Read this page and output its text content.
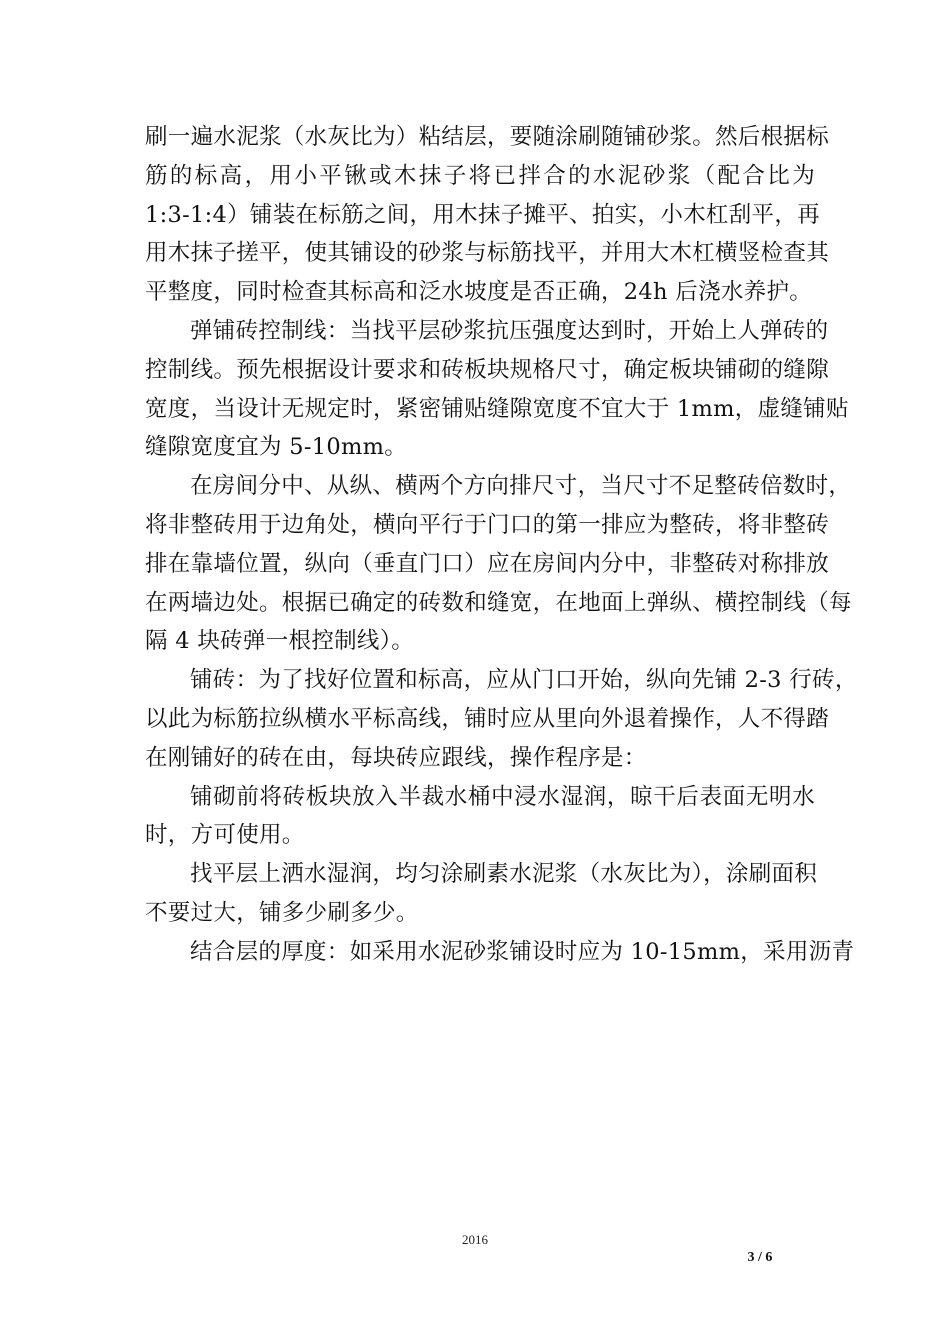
刷一遍水泥浆（水灰比为）粘结层，要随涂刷随铺砂浆。然后根据标
筋的标高，用小平锹或木抹子将已拌合的水泥砂浆（配合比为
1:3-1:4）铺装在标筋之间，用木抹子摊平、拍实，小木杠刮平，再
用木抹子搓平，使其铺设的砂浆与标筋找平，并用大木杠横竖检查其
平整度，同时检查其标高和泛水坡度是否正确，24h 后浇水养护。
弹铺砖控制线：当找平层砂浆抗压强度达到时，开始上人弹砖的
控制线。预先根据设计要求和砖板块规格尺寸，确定板块铺砌的缝隙
宽度，当设计无规定时，紧密铺贴缝隙宽度不宜大于 1mm，虚缝铺贴
缝隙宽度宜为 5-10mm。
在房间分中、从纵、横两个方向排尺寸，当尺寸不足整砖倍数时，
将非整砖用于边角处，横向平行于门口的第一排应为整砖，将非整砖
排在靠墙位置，纵向（垂直门口）应在房间内分中，非整砖对称排放
在两墙边处。根据已确定的砖数和缝宽，在地面上弹纵、横控制线（每
隔 4 块砖弹一根控制线）。
铺砖：为了找好位置和标高，应从门口开始，纵向先铺 2-3 行砖，
以此为标筋拉纵横水平标高线，铺时应从里向外退着操作，人不得踏
在刚铺好的砖在由，每块砖应跟线，操作程序是：
铺砌前将砖板块放入半裁水桶中浸水湿润，晾干后表面无明水
时，方可使用。
找平层上洒水湿润，均匀涂刷素水泥浆（水灰比为），涂刷面积
不要过大，铺多少刷多少。
结合层的厚度：如采用水泥砂浆铺设时应为 10-15mm，采用沥青
2016
3 / 6
